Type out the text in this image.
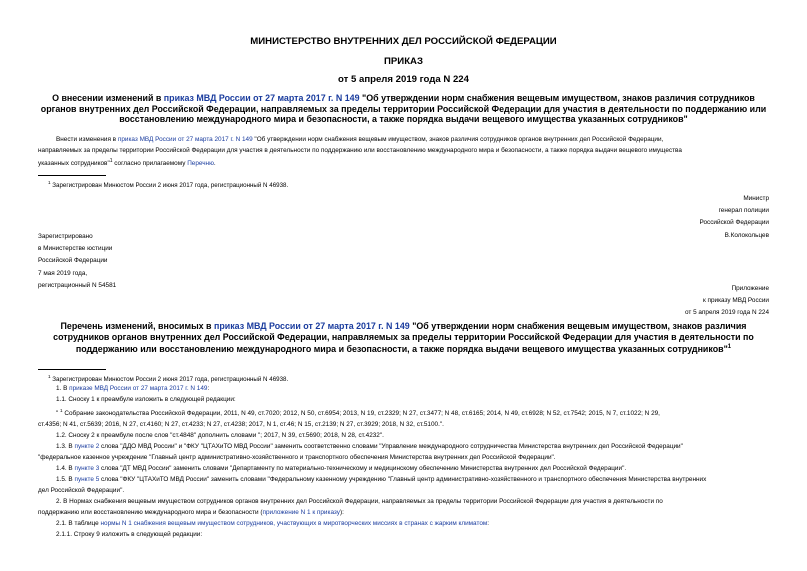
МИНИСТЕРСТВО ВНУТРЕННИХ ДЕЛ РОССИЙСКОЙ ФЕДЕРАЦИИ
ПРИКАЗ
от 5 апреля 2019 года N 224
О внесении изменений в приказ МВД России от 27 марта 2017 г. N 149 "Об утверждении норм снабжения вещевым имуществом, знаков различия сотрудников
органов внутренних дел Российской Федерации, направляемых за пределы территории Российской Федерации для участия в деятельности по поддержанию или
восстановлению международного мира и безопасности, а также порядка выдачи вещевого имущества указанных сотрудников"
Внести изменения в приказ МВД России от 27 марта 2017 г. N 149 "Об утверждении норм снабжения вещевым имуществом, знаков различия сотрудников органов внутренних дел Российской Федерации,
направляемых за пределы территории Российской Федерации для участия в деятельности по поддержанию или восстановлению международного мира и безопасности, а также порядка выдачи вещевого имущества
указанных сотрудников"$^1$ согласно прилагаемому Перечню.
$^1$ Зарегистрирован Минюстом России 2 июня 2017 года, регистрационный N 46938.
Министр
генерал полиции
Российской Федерации
В.Колокольцев
Зарегистрировано
в Министерстве юстиции
Российской Федерации
7 мая 2019 года,
регистрационный N 54581	Приложение
к приказу МВД России
от 5 апреля 2019 года N 224
Перечень изменений, вносимых в приказ МВД России от 27 марта 2017 г. N 149 "Об утверждении норм снабжения вещевым имуществом, знаков различия
сотрудников органов внутренних дел Российской Федерации, направляемых за пределы территории Российской Федерации для участия в деятельности по
поддержанию или восстановлению международного мира и безопасности, а также порядка выдачи вещевого имущества указанных сотрудников"$^1$
$^1$ Зарегистрирован Минюстом России 2 июня 2017 года, регистрационный N 46938.
1. В приказе МВД России от 27 марта 2017 г. N 149:
1.1. Сноску 1 к преамбуле изложить в следующей редакции:
" $^1$ Собрание законодательства Российской Федерации, 2011, N 49, ст.7020; 2012, N 50, ст.6954; 2013, N 19, ст.2329; N 27, ст.3477; N 48, ст.6165; 2014, N 49, ст.6928; N 52, ст.7542; 2015, N 7, ст.1022; N 29,
ст.4356; N 41, ст.5639; 2016, N 27, ст.4160; N 27, ст.4233; N 27, ст.4238; 2017, N 1, ст.46; N 15, ст.2139; N 27, ст.3929; 2018, N 32, ст.5100.".
1.2. Сноску 2 к преамбуле после слов "ст.4848" дополнить словами "; 2017, N 39, ст.5690; 2018, N 28, ст.4232".
1.3. В пункте 2 слова "ДДО МВД России" и "ФКУ "ЦТАХиТО МВД России" заменить соответственно словами "Управление международного сотрудничества Министерства внутренних дел Российской Федерации"
"федеральное казенное учреждение "Главный центр административно-хозяйственного и транспортного обеспечения Министерства внутренних дел Российской Федерации".
1.4. В пункте 3 слова "ДТ МВД России" заменить словами "Департаменту по материально-техническому и медицинскому обеспечению Министерства внутренних дел Российской Федерации".
1.5. В пункте 5 слова "ФКУ "ЦТАХиТО МВД России" заменить словами "Федеральному казенному учреждению "Главный центр административно-хозяйственного и транспортного обеспечения Министерства внутренних
дел Российской Федерации".
2. В Нормах снабжения вещевым имуществом сотрудников органов внутренних дел Российской Федерации, направляемых за пределы территории Российской Федерации для участия в деятельности по
поддержанию или восстановлению международного мира и безопасности (приложение N 1 к приказу):
2.1. В таблице нормы N 1 снабжения вещевым имуществом сотрудников, участвующих в миротворческих миссиях в странах с жарким климатом:
2.1.1. Строку 9 изложить в следующей редакции:
